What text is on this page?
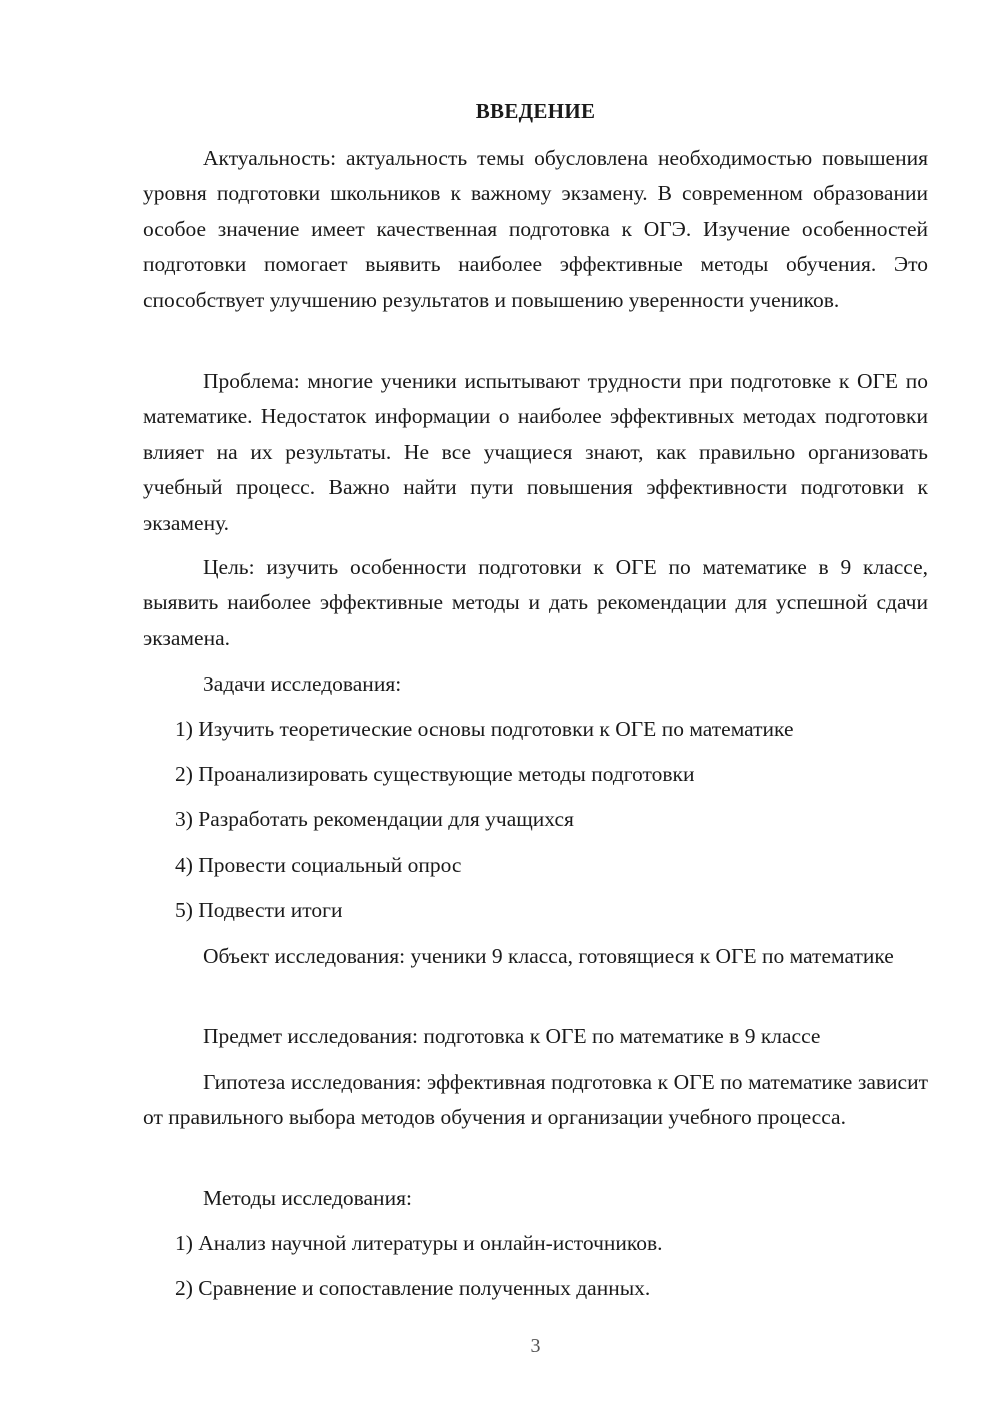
ВВЕДЕНИЕ
Актуальность: актуальность темы обусловлена необходимостью повышения уровня подготовки школьников к важному экзамену. В современном образовании особое значение имеет качественная подготовка к ОГЭ. Изучение особенностей подготовки помогает выявить наиболее эффективные методы обучения. Это способствует улучшению результатов и повышению уверенности учеников.
Проблема: многие ученики испытывают трудности при подготовке к ОГЕ по математике. Недостаток информации о наиболее эффективных методах подготовки влияет на их результаты. Не все учащиеся знают, как правильно организовать учебный процесс. Важно найти пути повышения эффективности подготовки к экзамену.
Цель: изучить особенности подготовки к ОГЕ по математике в 9 классе, выявить наиболее эффективные методы и дать рекомендации для успешной сдачи экзамена.
Задачи исследования:
1) Изучить теоретические основы подготовки к ОГЕ по математике
2) Проанализировать существующие методы подготовки
3) Разработать рекомендации для учащихся
4) Провести социальный опрос
5) Подвести итоги
Объект исследования: ученики 9 класса, готовящиеся к ОГЕ по математике
Предмет исследования: подготовка к ОГЕ по математике в 9 классе
Гипотеза исследования: эффективная подготовка к ОГЕ по математике зависит от правильного выбора методов обучения и организации учебного процесса.
Методы исследования:
1) Анализ научной литературы и онлайн-источников.
2) Сравнение и сопоставление полученных данных.
3
